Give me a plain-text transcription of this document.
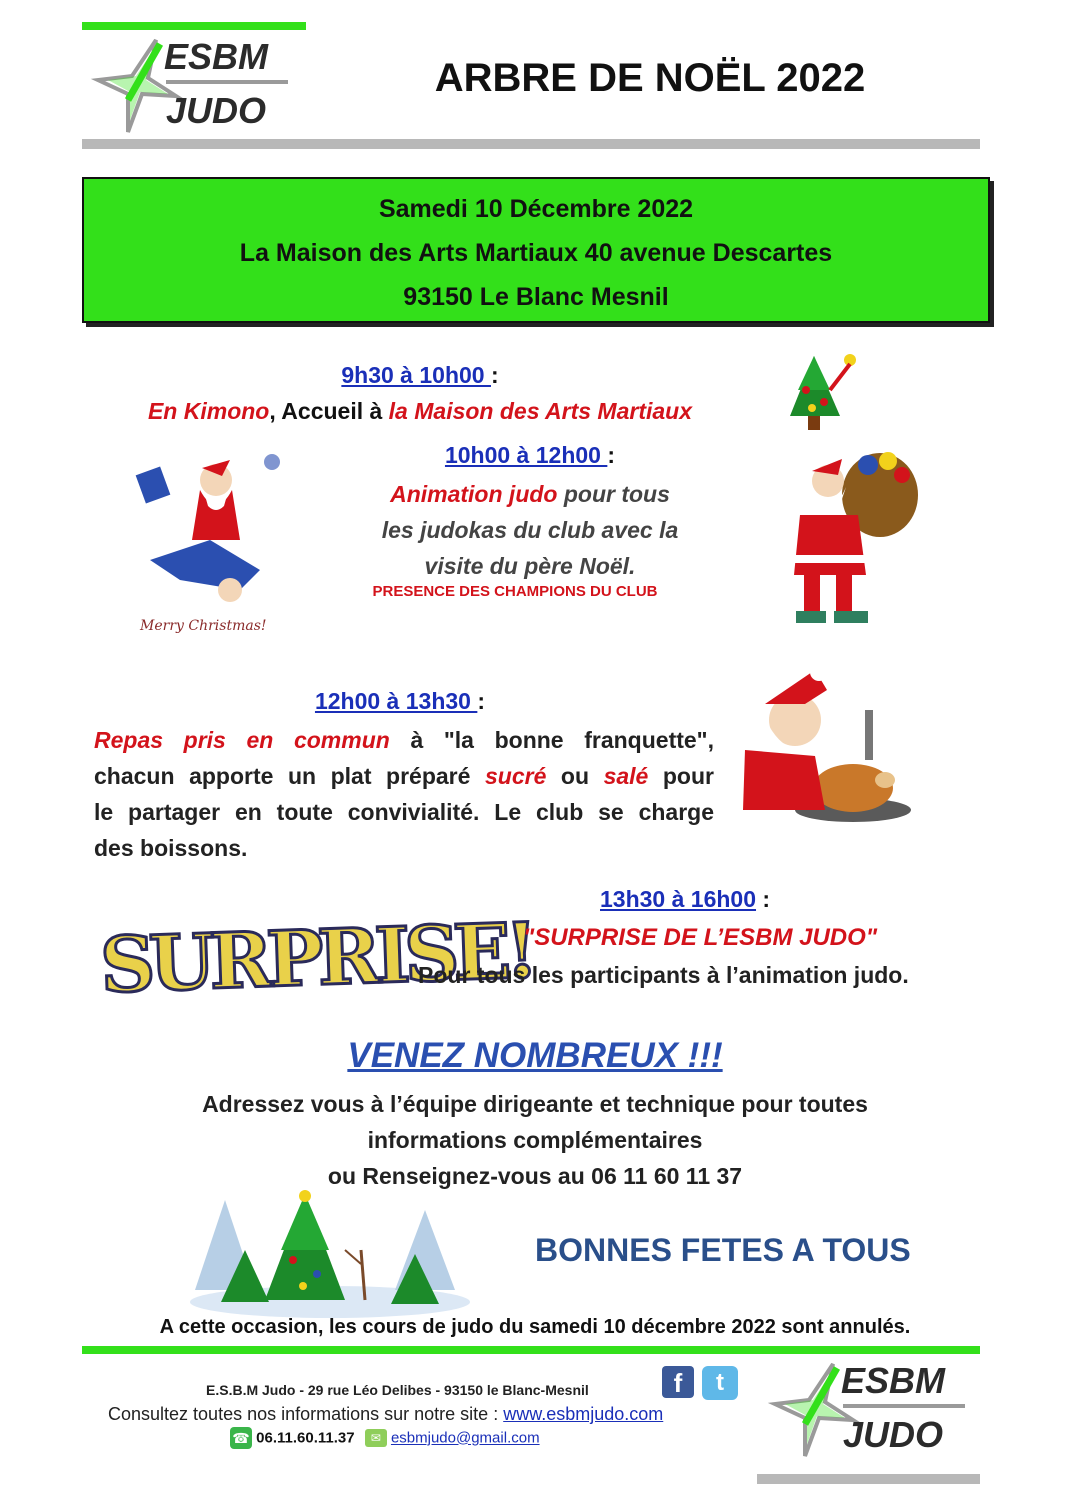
ESBM
JUDO
ARBRE DE NOËL 2022
Samedi 10 Décembre 2022
La Maison des Arts Martiaux 40 avenue Descartes
93150 Le Blanc Mesnil
9h30 à 10h00 :
En Kimono, Accueil à la Maison des Arts Martiaux
10h00 à 12h00 :
Animation judo pour tous
les judokas du club avec la
visite du père Noël.
PRESENCE DES CHAMPIONS DU CLUB
Merry Christmas!
12h00 à 13h30 :
Repas pris en commun à "la bonne franquette",
chacun apporte un plat préparé sucré ou salé pour
le partager en toute convivialité. Le club se charge
des boissons.
SURPRISE!
13h30 à 16h00 :
"SURPRISE DE L’ESBM JUDO"
Pour tous les participants à l’animation judo.
VENEZ NOMBREUX !!!
Adressez vous à l’équipe dirigeante et technique pour toutes
informations complémentaires
ou Renseignez-vous au 06 11 60 11 37
BONNES FETES A TOUS
A cette occasion, les cours de judo du samedi 10 décembre 2022 sont annulés.
E.S.B.M Judo - 29 rue Léo Delibes - 93150 le Blanc-Mesnil
Consultez toutes nos informations sur notre site : www.esbmjudo.com
f	t
☎ 06.11.60.11.37 ✉ esbmjudo@gmail.com
ESBM
JUDO
